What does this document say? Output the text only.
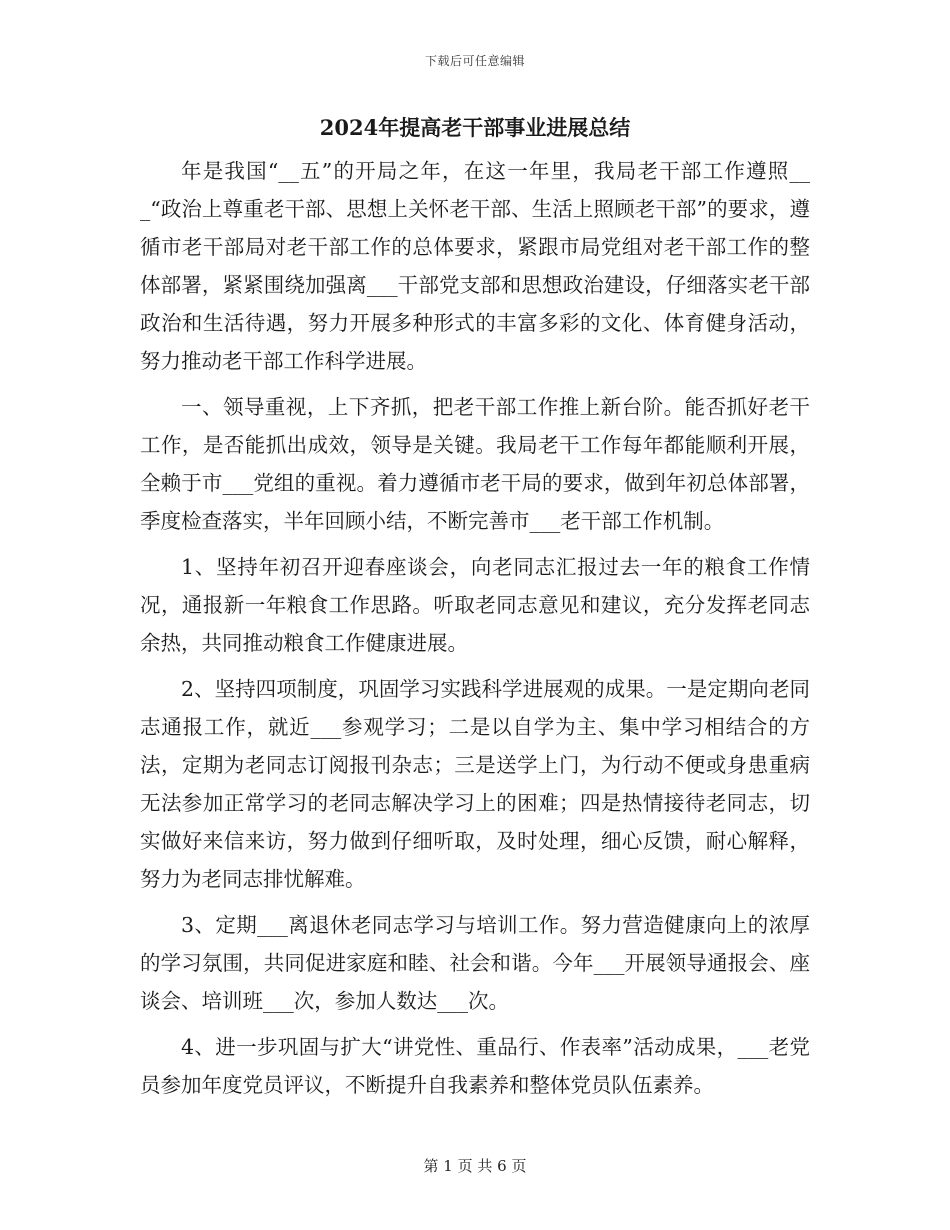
下载后可任意编辑
2024年提高老干部事业进展总结

年是我国“__五”的开局之年，在这一年里，我局老干部工作遵照___“政治上尊重老干部、思想上关怀老干部、生活上照顾老干部”的要求，遵循市老干部局对老干部工作的总体要求，紧跟市局党组对老干部工作的整体部署，紧紧围绕加强离___干部党支部和思想政治建设，仔细落实老干部政治和生活待遇，努力开展多种形式的丰富多彩的文化、体育健身活动，努力推动老干部工作科学进展。

一、领导重视，上下齐抓，把老干部工作推上新台阶。能否抓好老干工作，是否能抓出成效，领导是关键。我局老干工作每年都能顺利开展，全赖于市___党组的重视。着力遵循市老干局的要求，做到年初总体部署，季度检查落实，半年回顾小结，不断完善市___老干部工作机制。

1、坚持年初召开迎春座谈会，向老同志汇报过去一年的粮食工作情况，通报新一年粮食工作思路。听取老同志意见和建议，充分发挥老同志余热，共同推动粮食工作健康进展。

2、坚持四项制度，巩固学习实践科学进展观的成果。一是定期向老同志通报工作，就近___参观学习；二是以自学为主、集中学习相结合的方法，定期为老同志订阅报刊杂志；三是送学上门，为行动不便或身患重病无法参加正常学习的老同志解决学习上的困难；四是热情接待老同志，切实做好来信来访，努力做到仔细听取，及时处理，细心反馈，耐心解释，努力为老同志排忧解难。

3、定期___离退休老同志学习与培训工作。努力营造健康向上的浓厚的学习氛围，共同促进家庭和睦、社会和谐。今年___开展领导通报会、座谈会、培训班___次，参加人数达___次。

4、进一步巩固与扩大“讲党性、重品行、作表率”活动成果，___老党员参加年度党员评议，不断提升自我素养和整体党员队伍素养。

第 1 页 共 6 页
